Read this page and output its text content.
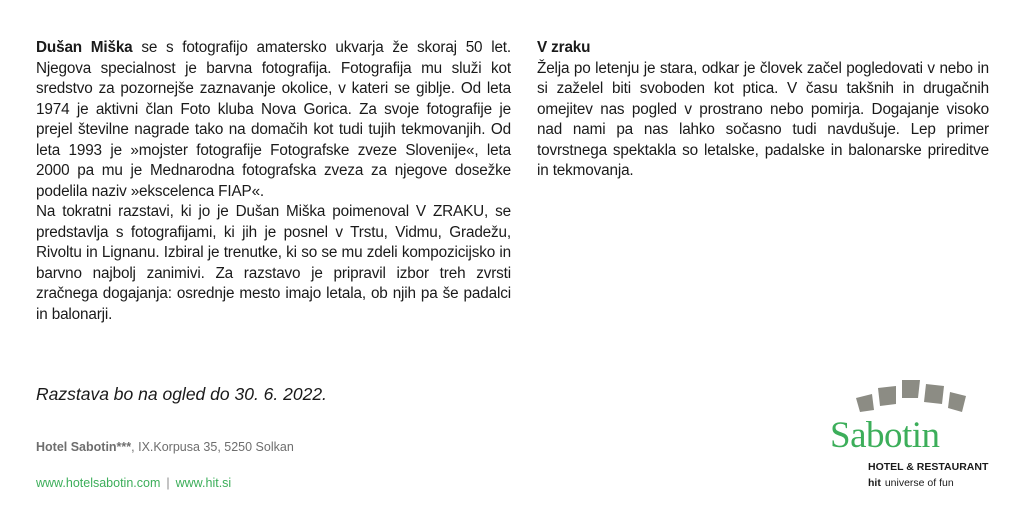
Dušan Miška se s fotografijo amatersko ukvarja že skoraj 50 let. Njegova specialnost je barvna fotografija. Fotografija mu služi kot sredstvo za pozornejše zaznavanje okolice, v kateri se giblje. Od leta 1974 je aktivni član Foto kluba Nova Gorica. Za svoje fotografije je prejel številne nagrade tako na domačih kot tudi tujih tekmovanjih. Od leta 1993 je »mojster fotografije Fotografske zveze Slovenije«, leta 2000 pa mu je Mednarodna fotografska zveza za njegove dosežke podelila naziv »ekscelenca FIAP«.

Na tokratni razstavi, ki jo je Dušan Miška poimenoval V ZRAKU, se predstavlja s fotografijami, ki jih je posnel v Trstu, Vidmu, Gradežu, Rivoltu in Lignanu. Izbiral je trenutke, ki so se mu zdeli kompozicijsko in barvno najbolj zanimivi. Za razstavo je pripravil izbor treh zvrsti zračnega dogajanja: osrednje mesto imajo letala, ob njih pa še padalci in balonarji.

V zraku

Želja po letenju je stara, odkar je človek začel pogledovati v nebo in si zaželel biti svoboden kot ptica. V času takšnih in drugačnih omejitev nas pogled v prostrano nebo pomirja. Dogajanje visoko nad nami pa nas lahko sočasno tudi navdušuje. Lep primer tovrstnega spektakla so letalske, padalske in balonarske prireditve in tekmovanja.

Razstava bo na ogled do 30. 6. 2022.
Hotel Sabotin***, IX.Korpusa 35, 5250 Solkan
www.hotelsabotin.com | www.hit.si
Sabotin
HOTEL & RESTAURANT
hit universe of fun
